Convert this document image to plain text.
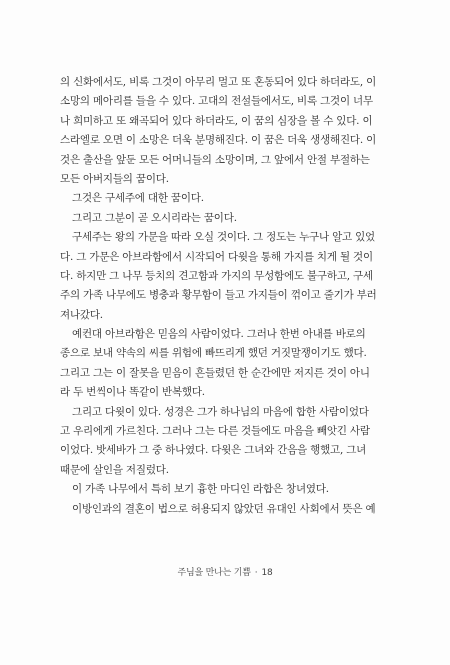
의 신화에서도, 비록 그것이 아무리 멀고 또 혼동되어 있다 하더라도, 이
소망의 메아리를 들을 수 있다. 고대의 전설들에서도, 비록 그것이 너무
나 희미하고 또 왜곡되어 있다 하더라도, 이 꿈의 심장을 볼 수 있다. 이
스라엘로 오면 이 소망은 더욱 분명해진다. 이 꿈은 더욱 생생해진다. 이
것은 출산을 앞둔 모든 어머니들의 소망이며, 그 앞에서 안절 부절하는
모든 아버지들의 꿈이다.
그것은 구세주에 대한 꿈이다.
그리고 그분이 곧 오시리라는 꿈이다.
구세주는 왕의 가문을 따라 오실 것이다. 그 정도는 누구나 알고 있었
다. 그 가문은 아브라함에서 시작되어 다윗을 통해 가지를 치게 될 것이
다. 하지만 그 나무 등치의 견고함과 가지의 무성함에도 불구하고, 구세
주의 가족 나무에도 병충과 황무함이 들고 가지들이 꺾이고 줄기가 부러
져나갔다.
예컨대 아브라함은 믿음의 사람이었다. 그러나 한번 아내를 바로의
종으로 보내 약속의 씨를 위험에 빠뜨리게 했던 거짓말쟁이기도 했다.
그리고 그는 이 잘못을 믿음이 흔들렸던 한 순간에만 저지른 것이 아니
라 두 번씩이나 똑같이 반복했다.
그리고 다윗이 있다. 성경은 그가 하나님의 마음에 합한 사람이었다
고 우리에게 가르친다. 그러나 그는 다른 것들에도 마음을 빼앗긴 사람
이었다. 밧세바가 그 중 하나였다. 다윗은 그녀와 간음을 행했고, 그녀
때문에 살인을 저질렀다.
이 가족 나무에서 특히 보기 흉한 마디인 라합은 창녀였다.
이방인과의 결혼이 법으로 허용되지 않았던 유대인 사회에서 뜻은 예
주님을 만나는 기쁨 · 18
